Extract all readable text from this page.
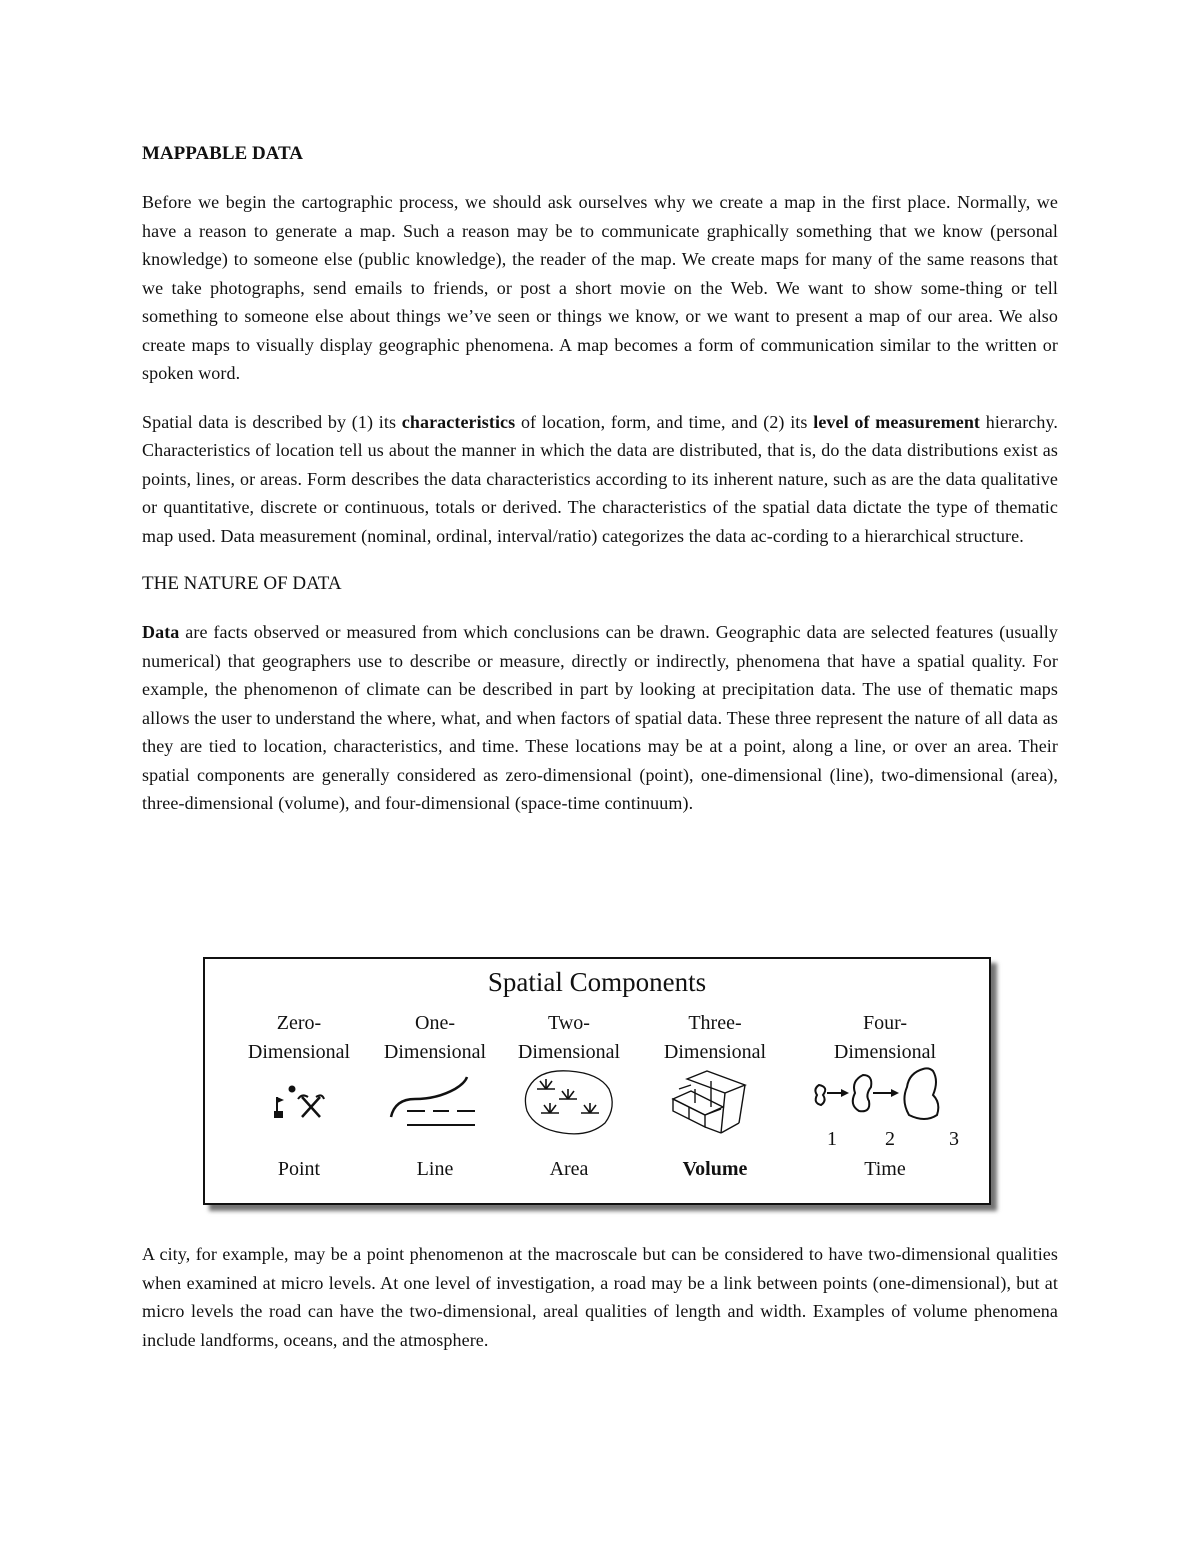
MAPPABLE DATA

Before we begin the cartographic process, we should ask ourselves why we create a map in the first place. Normally, we have a reason to generate a map. Such a reason may be to communicate graphically something that we know (personal knowledge) to someone else (public knowledge), the reader of the map. We create maps for many of the same reasons that we take photographs, send emails to friends, or post a short movie on the Web. We want to show some-thing or tell something to someone else about things we’ve seen or things we know, or we want to present a map of our area. We also create maps to visually display geographic phenomena. A map becomes a form of communication similar to the written or spoken word.

Spatial data is described by (1) its characteristics of location, form, and time, and (2) its level of measurement hierarchy. Characteristics of location tell us about the manner in which the data are distributed, that is, do the data distributions exist as points, lines, or areas. Form describes the data characteristics according to its inherent nature, such as are the data qualitative or quantitative, discrete or continuous, totals or derived. The characteristics of the spatial data dictate the type of thematic map used. Data measurement (nominal, ordinal, interval/ratio) categorizes the data ac-cording to a hierarchical structure.

THE NATURE OF DATA

Data are facts observed or measured from which conclusions can be drawn. Geographic data are selected features (usually numerical) that geographers use to describe or measure, directly or indirectly, phenomena that have a spatial quality. For example, the phenomenon of climate can be described in part by looking at precipitation data. The use of thematic maps allows the user to understand the where, what, and when factors of spatial data. These three represent the nature of all data as they are tied to location, characteristics, and time. These locations may be at a point, along a line, or over an area. Their spatial components are generally considered as zero-dimensional (point), one-dimensional (line), two-dimensional (area), three-dimensional (volume), and four-dimensional (space-time continuum).

Spatial Components
Zero-
Dimensional
Point
One-
Dimensional
Line
Two-
Dimensional
Area
Three-
Dimensional
Volume
Four-
Dimensional
1 2	3
Time

A city, for example, may be a point phenomenon at the macroscale but can be considered to have two-dimensional qualities when examined at micro levels. At one level of investigation, a road may be a link between points (one-dimensional), but at micro levels the road can have the two-dimensional, areal qualities of length and width. Examples of volume phenomena include landforms, oceans, and the atmosphere.
